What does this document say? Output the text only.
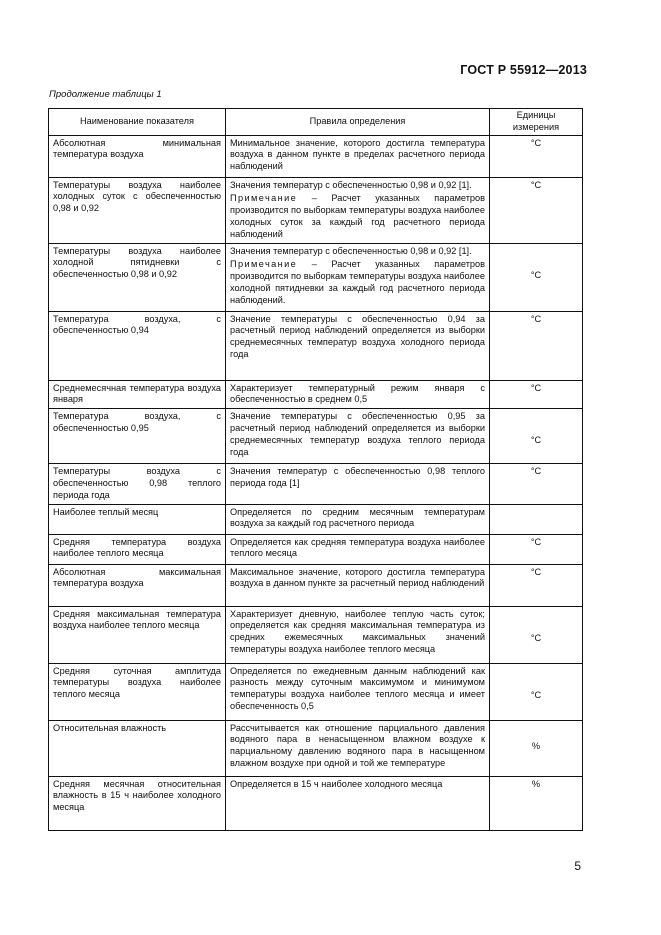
ГОСТ Р 55912—2013
Продолжение таблицы 1
Наименование показателя	Правила определения	Единицы измерения
Абсолютная минимальная температура воздуха	Минимальное значение, которого достигла температура воздуха в данном пункте в пределах расчетного периода наблюдений	°С
Температуры воздуха наиболее холодных суток с обеспеченностью 0,98 и 0,92	Значения температур с обеспеченностью 0,98 и 0,92 [1].
Примечание – Расчет указанных параметров производится по выборкам температуры воздуха наиболее холодных суток за каждый год расчетного периода наблюдений	°С
Температуры воздуха наиболее холодной пятидневки с обеспеченностью 0,98 и 0,92	Значения температур с обеспеченностью 0,98 и 0,92 [1].
Примечание – Расчет указанных параметров производится по выборкам температуры воздуха наиболее холодной пятидневки за каждый год расчетного периода наблюдений.	°С
Температура воздуха, с обеспеченностью 0,94	Значение температуры с обеспеченностью 0,94 за расчетный период наблюдений определяется из выборки среднемесячных температур воздуха холодного периода года	°С
Среднемесячная температура воздуха января	Характеризует температурный режим января с обеспеченностью в среднем 0,5	°С
Температура воздуха, с обеспеченностью 0,95	Значение температуры с обеспеченностью 0,95 за расчетный период наблюдений определяется из выборки среднемесячных температур воздуха теплого периода года	°С
Температуры воздуха с обеспеченностью 0,98 теплого периода года	Значения температур с обеспеченностью 0,98 теплого периода года [1]	°С
Наиболее теплый месяц	Определяется по средним месячным температурам воздуха за каждый год расчетного периода	

Средняя температура воздуха наиболее теплого месяца	Определяется как средняя температура воздуха наиболее теплого месяца	°С
Абсолютная максимальная температура воздуха	Максимальное значение, которого достигла температура воздуха в данном пункте за расчетный период наблюдений	°С
Средняя максимальная температура воздуха наиболее теплого месяца	Характеризует дневную, наиболее теплую часть суток; определяется как средняя максимальная температура из средних ежемесячных максимальных значений температуры воздуха наиболее теплого месяца	°С
Средняя суточная амплитуда температуры воздуха наиболее теплого месяца	Определяется по ежедневным данным наблюдений как разность между суточным максимумом и минимумом температуры воздуха наиболее теплого месяца и имеет обеспеченность 0,5	°С
Относительная влажность	Рассчитывается как отношение парциального давления водяного пара в ненасыщенном влажном воздухе к парциальному давлению водяного пара в насыщенном влажном воздухе при одной и той же температуре	%
Средняя месячная относительная влажность в 15 ч наиболее холодного месяца	Определяется в 15 ч наиболее холодного месяца	%
5
